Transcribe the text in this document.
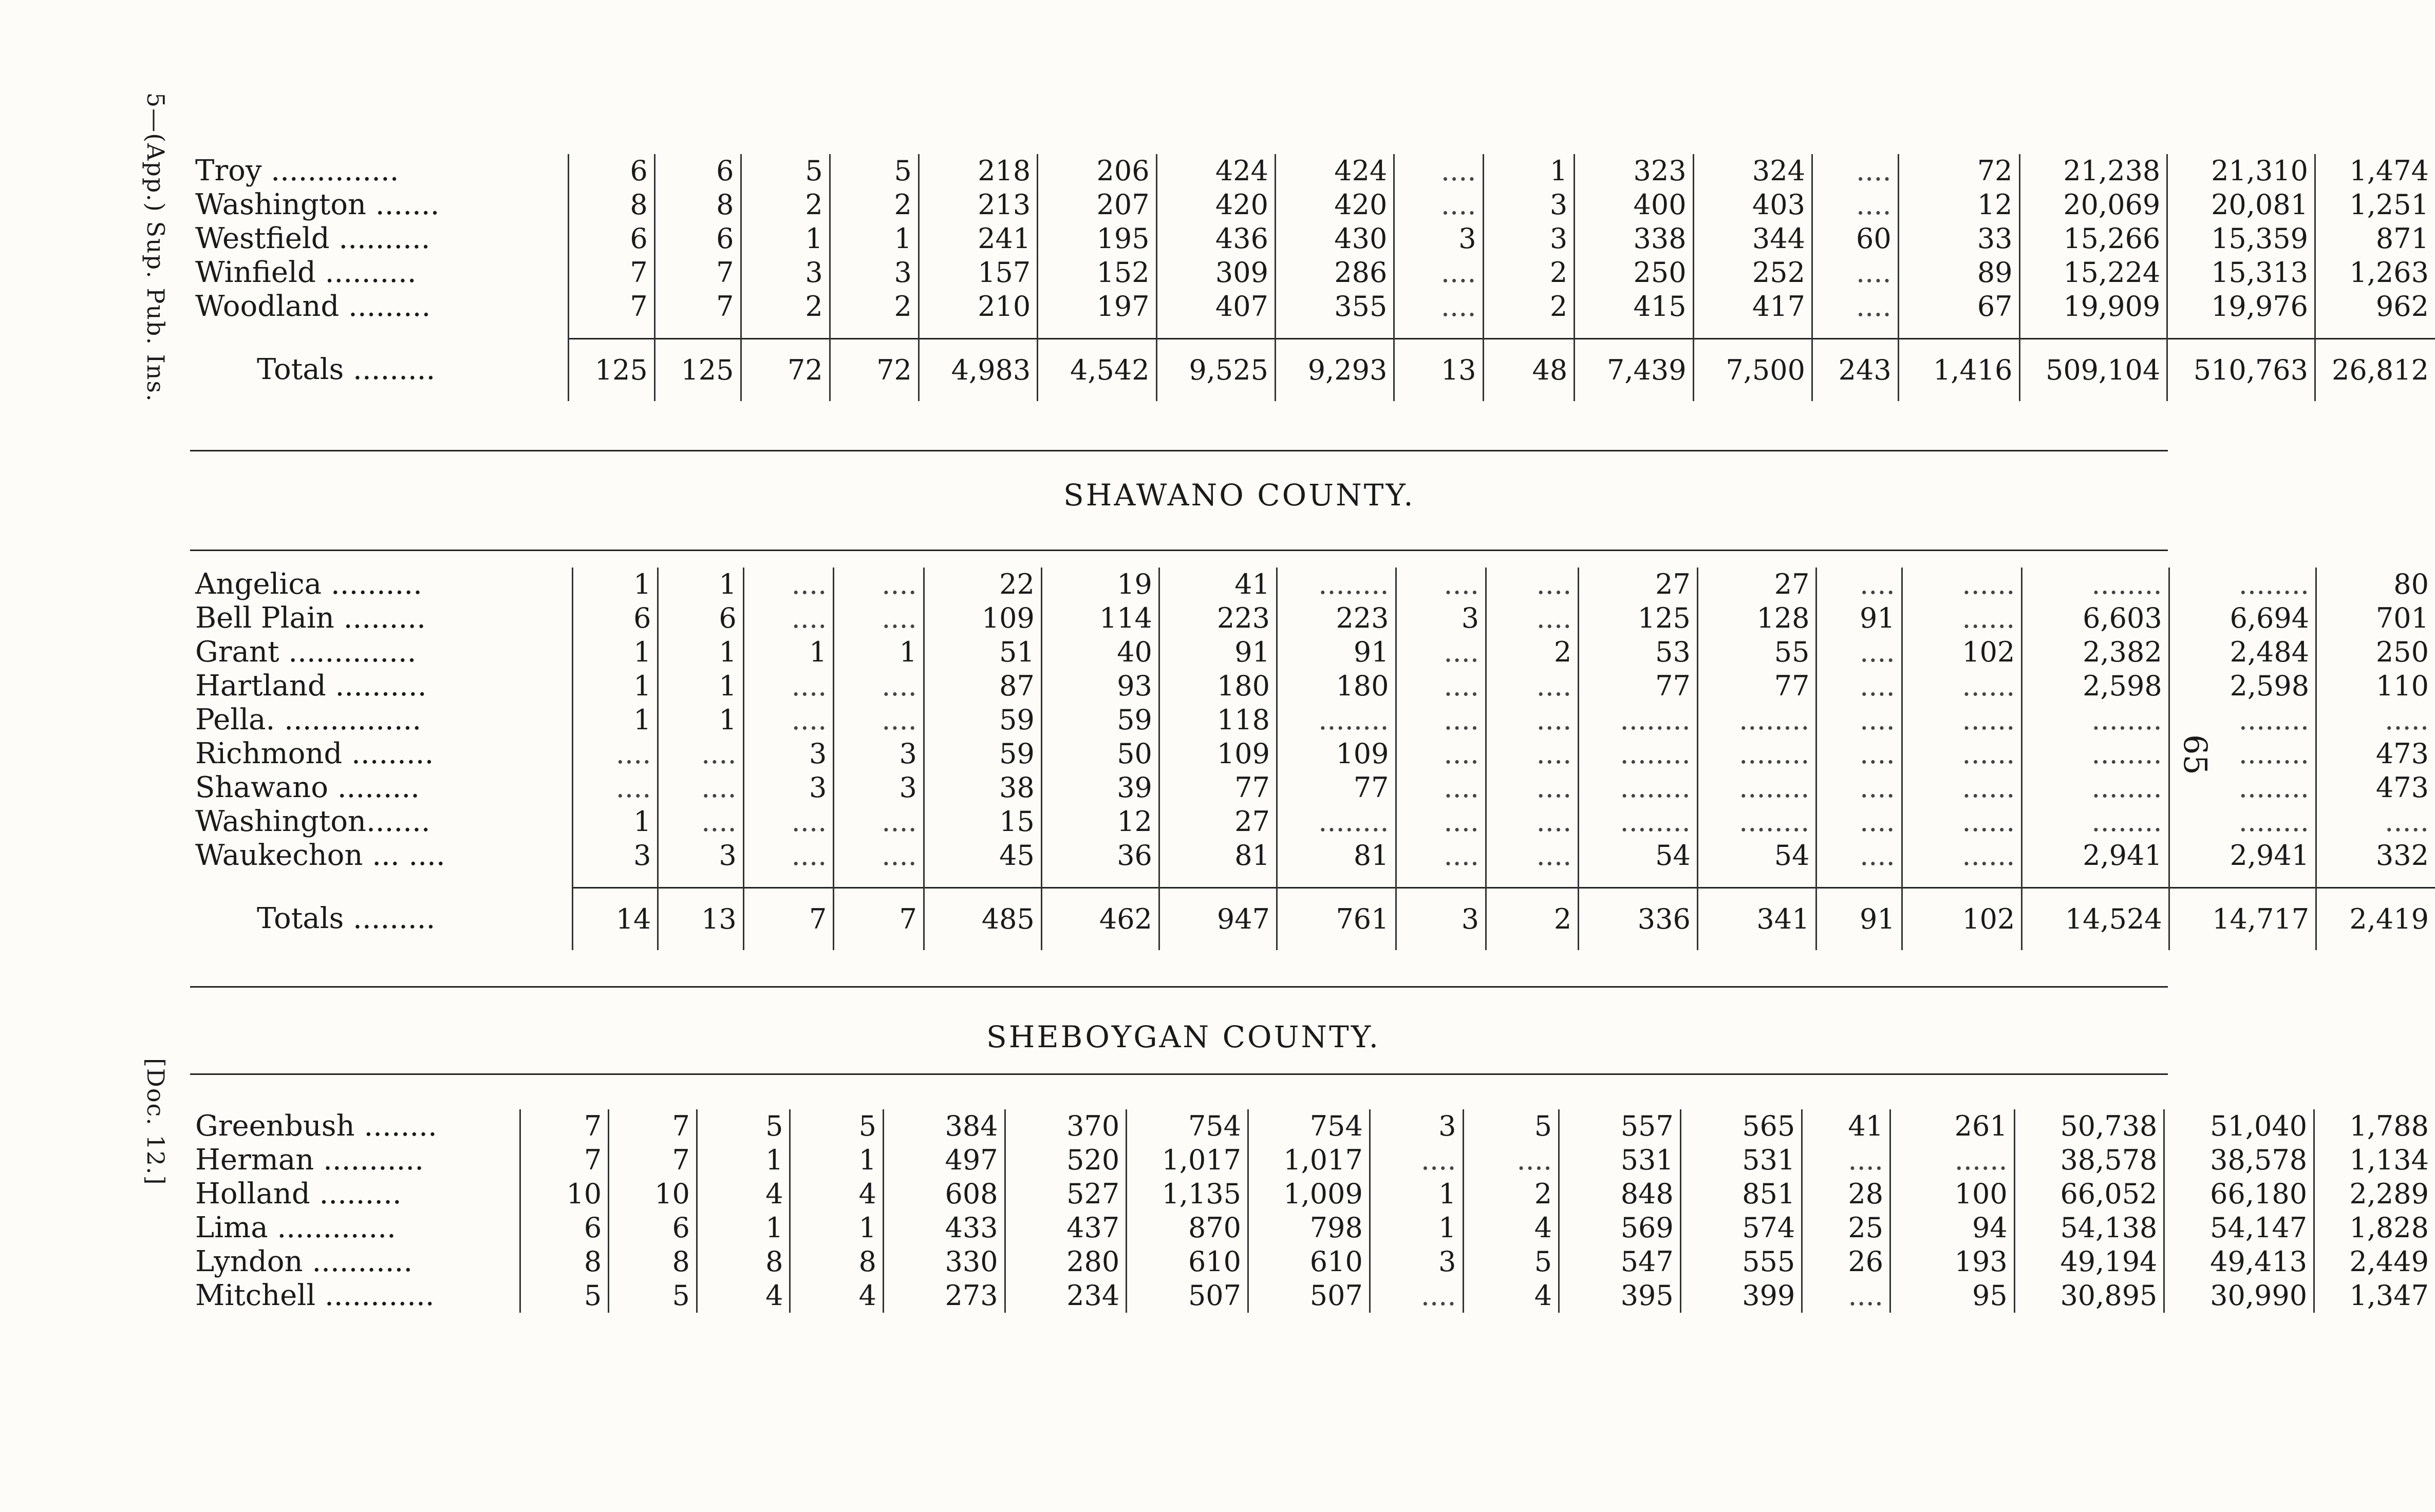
5—(App.) Sup. Pub. Ins.
[Doc. 12.]
65
Troy ..............	6	6	5	5	218	206	424	424	....	1	323	324	....	72	21,238	21,310	1,474
Washington .......	8	8	2	2	213	207	420	420	....	3	400	403	....	12	20,069	20,081	1,251
Westfield ..........	6	6	1	1	241	195	436	430	3	3	338	344	60	33	15,266	15,359	871
Winfield ..........	7	7	3	3	157	152	309	286	....	2	250	252	....	89	15,224	15,313	1,263
Woodland .........	7	7	2	2	210	197	407	355	....	2	415	417	....	67	19,909	19,976	962

Totals .........	125	125	72	72	4,983	4,542	9,525	9,293	13	48	7,439	7,500	243	1,416	509,104	510,763	26,812
SHAWANO COUNTY.
Angelica ..........	1	1	....	....	22	19	41	........	....	....	27	27	....	......	........	........	80
Bell Plain .........	6	6	....	....	109	114	223	223	3	....	125	128	91	......	6,603	6,694	701
Grant ..............	1	1	1	1	51	40	91	91	....	2	53	55	....	102	2,382	2,484	250
Hartland ..........	1	1	....	....	87	93	180	180	....	....	77	77	....	......	2,598	2,598	110
Pella. ...............	1	1	....	....	59	59	118	........	....	....	........	........	....	......	........	........	.....
Richmond .........	....	....	3	3	59	50	109	109	....	....	........	........	....	......	........	........	473
Shawano .........	....	....	3	3	38	39	77	77	....	....	........	........	....	......	........	........	473
Washington.......	1	....	....	....	15	12	27	........	....	....	........	........	....	......	........	........	.....
Waukechon ... ....	3	3	....	....	45	36	81	81	....	....	54	54	....	......	2,941	2,941	332

Totals .........	14	13	7	7	485	462	947	761	3	2	336	341	91	102	14,524	14,717	2,419
SHEBOYGAN COUNTY.
Greenbush ........	7	7	5	5	384	370	754	754	3	5	557	565	41	261	50,738	51,040	1,788
Herman ...........	7	7	1	1	497	520	1,017	1,017	....	....	531	531	....	......	38,578	38,578	1,134
Holland .........	10	10	4	4	608	527	1,135	1,009	1	2	848	851	28	100	66,052	66,180	2,289
Lima .............	6	6	1	1	433	437	870	798	1	4	569	574	25	94	54,138	54,147	1,828
Lyndon ...........	8	8	8	8	330	280	610	610	3	5	547	555	26	193	49,194	49,413	2,449
Mitchell ............	5	5	4	4	273	234	507	507	....	4	395	399	....	95	30,895	30,990	1,347
